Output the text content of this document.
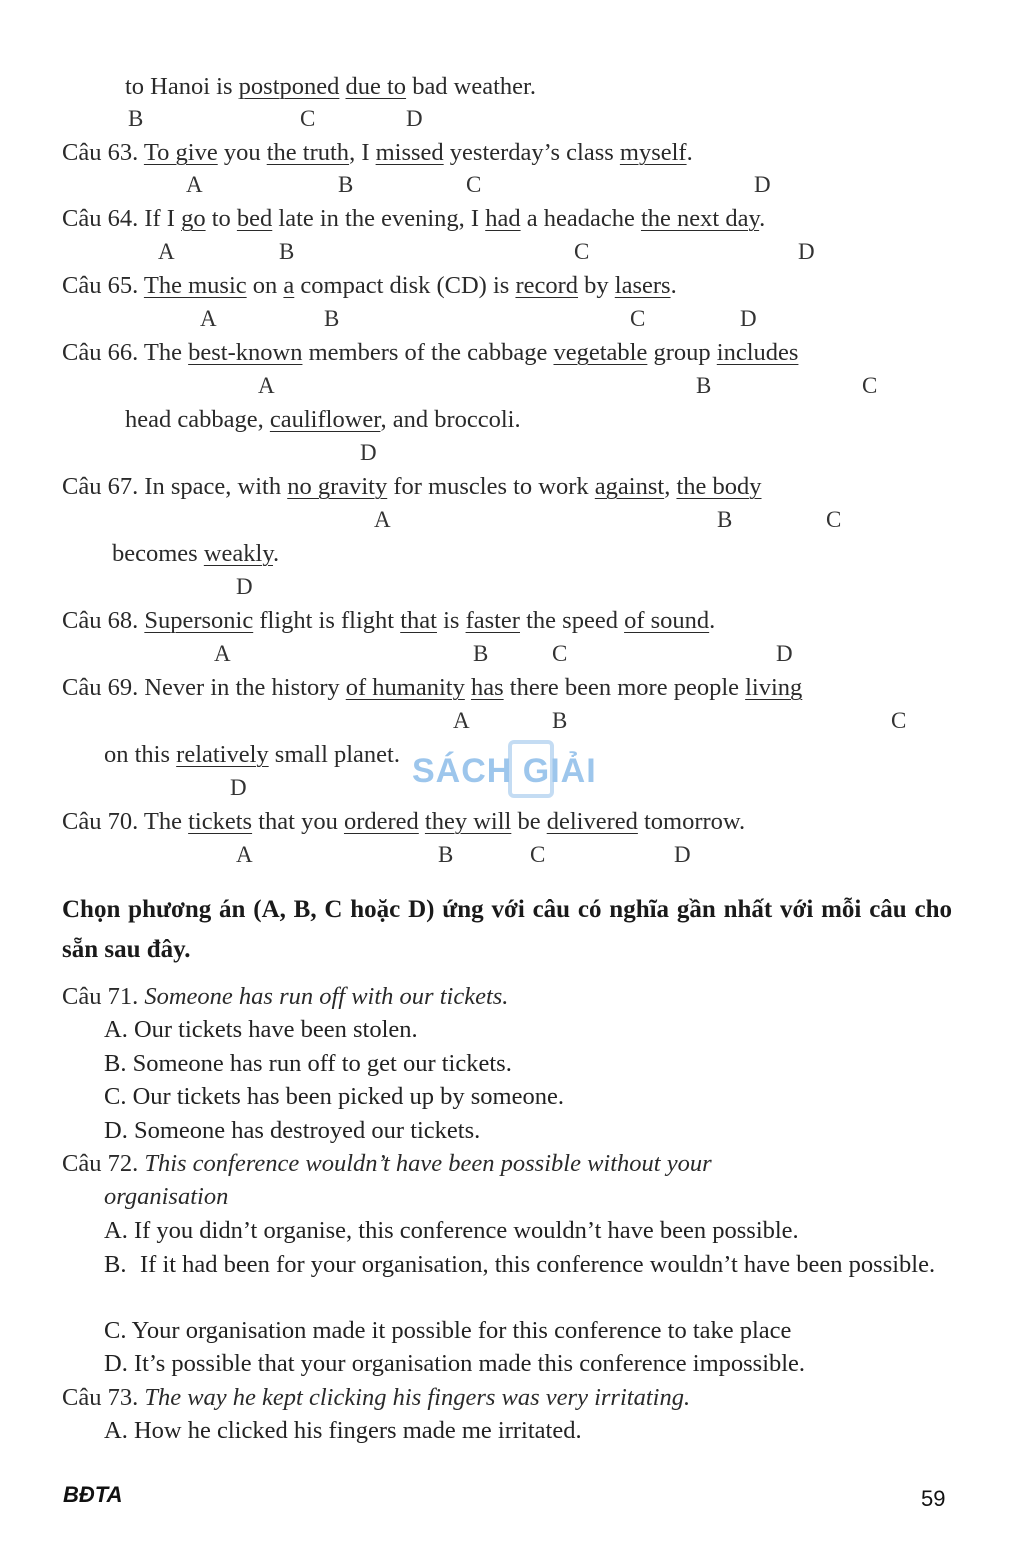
to Hanoi is postponed due to bad weather.
B	C	D
Câu 63. To give you the truth, I missed yesterday’s class myself.
A	B	C	D
Câu 64. If I go to bed late in the evening, I had a headache the next day.
A	B	C	D
Câu 65. The music on a compact disk (CD) is record by lasers.
A	B	C	D
Câu 66. The best-known members of the cabbage vegetable group includes
A	B	C
head cabbage, cauliflower, and broccoli.
D
Câu 67. In space, with no gravity for muscles to work against, the body
A	B	C
becomes weakly.
D
Câu 68. Supersonic flight is flight that is faster the speed of sound.
A	B	C	D
Câu 69. Never in the history of humanity has there been more people living
A	B	C
on this relatively small planet.
D
Câu 70. The tickets that you ordered they will be delivered tomorrow.
A	B	C	D
Chọn phương án (A, B, C hoặc D) ứng với câu có nghĩa gần nhất với mỗi câu cho sẵn sau đây.
Câu 71. Someone has run off with our tickets.
A. Our tickets have been stolen.
B. Someone has run off to get our tickets.
C. Our tickets has been picked up by someone.
D. Someone has destroyed our tickets.
Câu 72. This conference wouldn’t have been possible without your
organisation
A. If you didn’t organise, this conference wouldn’t have been possible.
B. If it had been for your organisation, this conference wouldn’t have been possible.
C. Your organisation made it possible for this conference to take place
D. It’s possible that your organisation made this conference impossible.
Câu 73. The way he kept clicking his fingers was very irritating.
A. How he clicked his fingers made me irritated.
SÁCH GIẢI
BĐTA	59
